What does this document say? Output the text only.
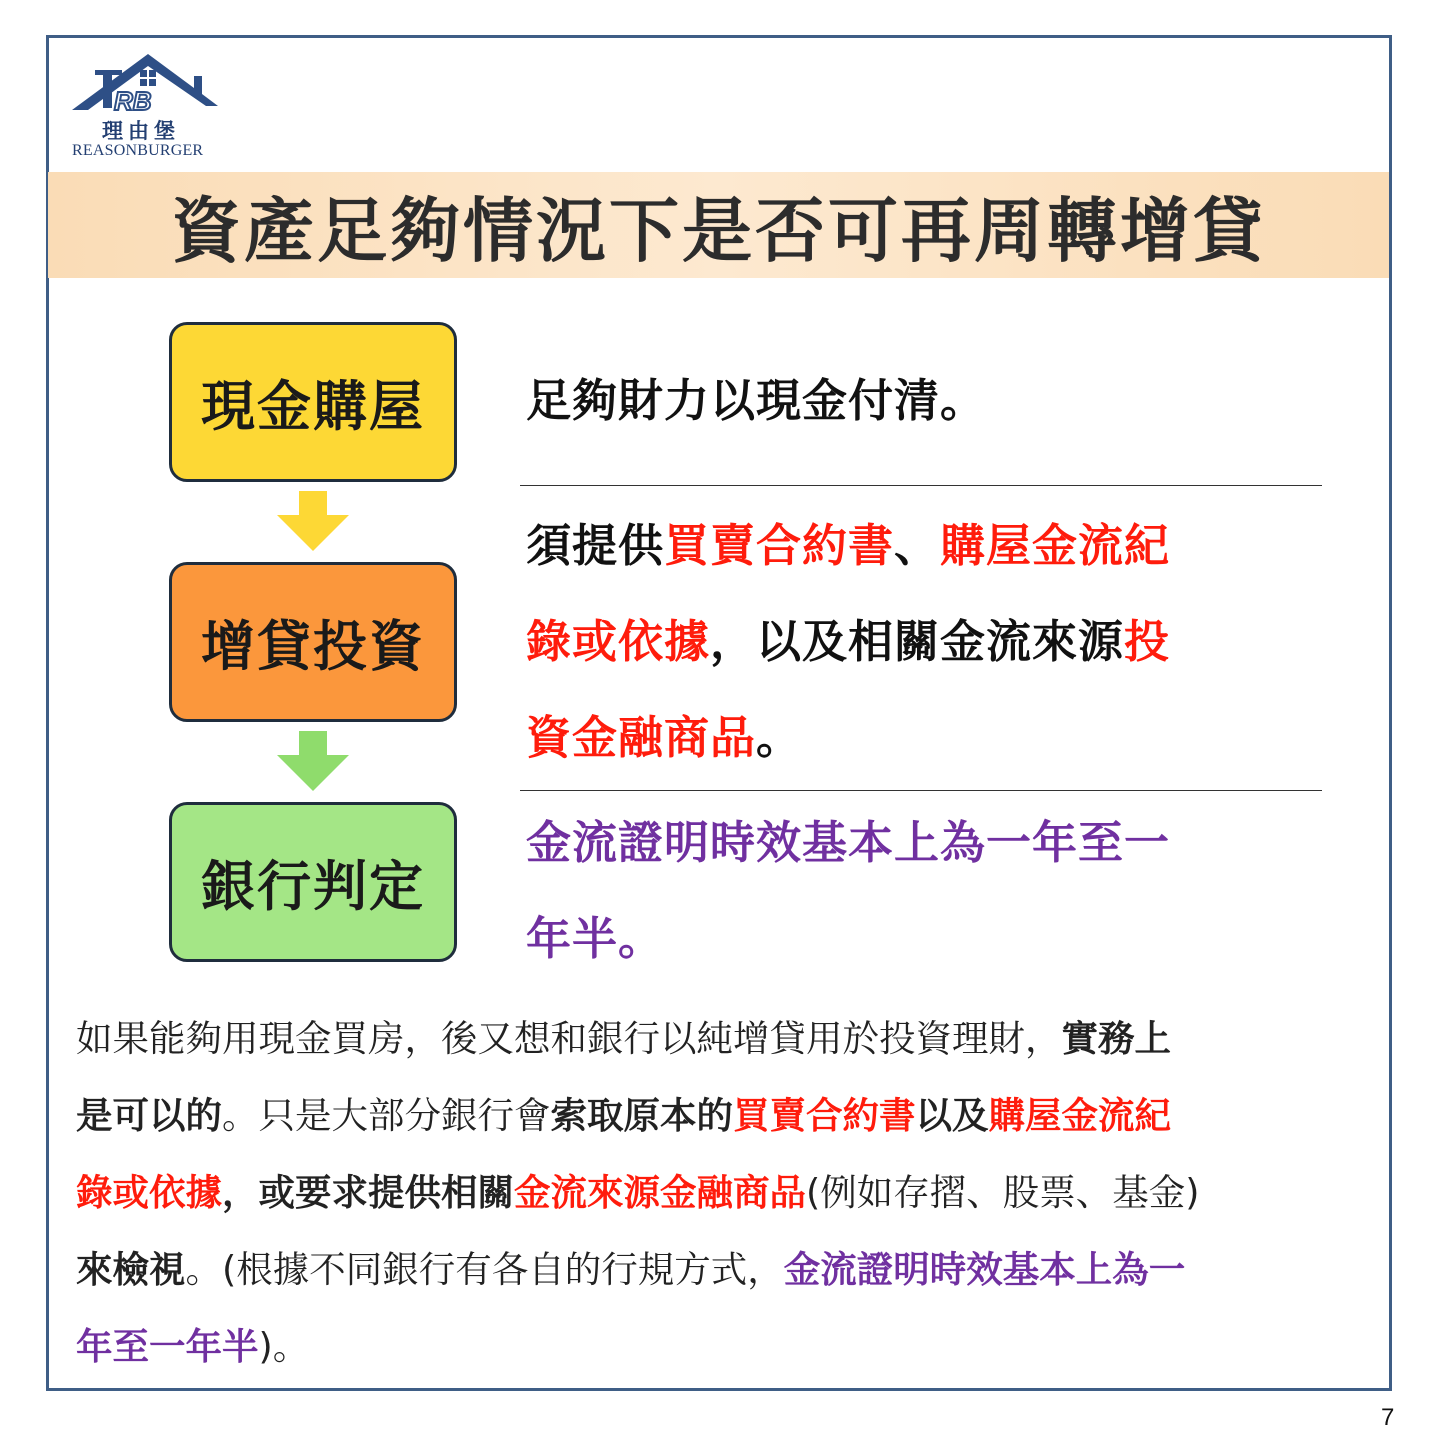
RB
理由堡
REASONBURGER
資產足夠情況下是否可再周轉增貸
現金購屋
增貸投資
銀行判定
足夠財力以現金付清。
須提供買賣合約書、購屋金流紀
錄或依據，以及相關金流來源投
資金融商品。
金流證明時效基本上為一年至一
年半。
如果能夠用現金買房，後又想和銀行以純增貸用於投資理財，實務上
是可以的。只是大部分銀行會索取原本的買賣合約書以及購屋金流紀
錄或依據，或要求提供相關金流來源金融商品(例如存摺、股票、基金)
來檢視。(根據不同銀行有各自的行規方式，金流證明時效基本上為一
年至一年半)。
7
